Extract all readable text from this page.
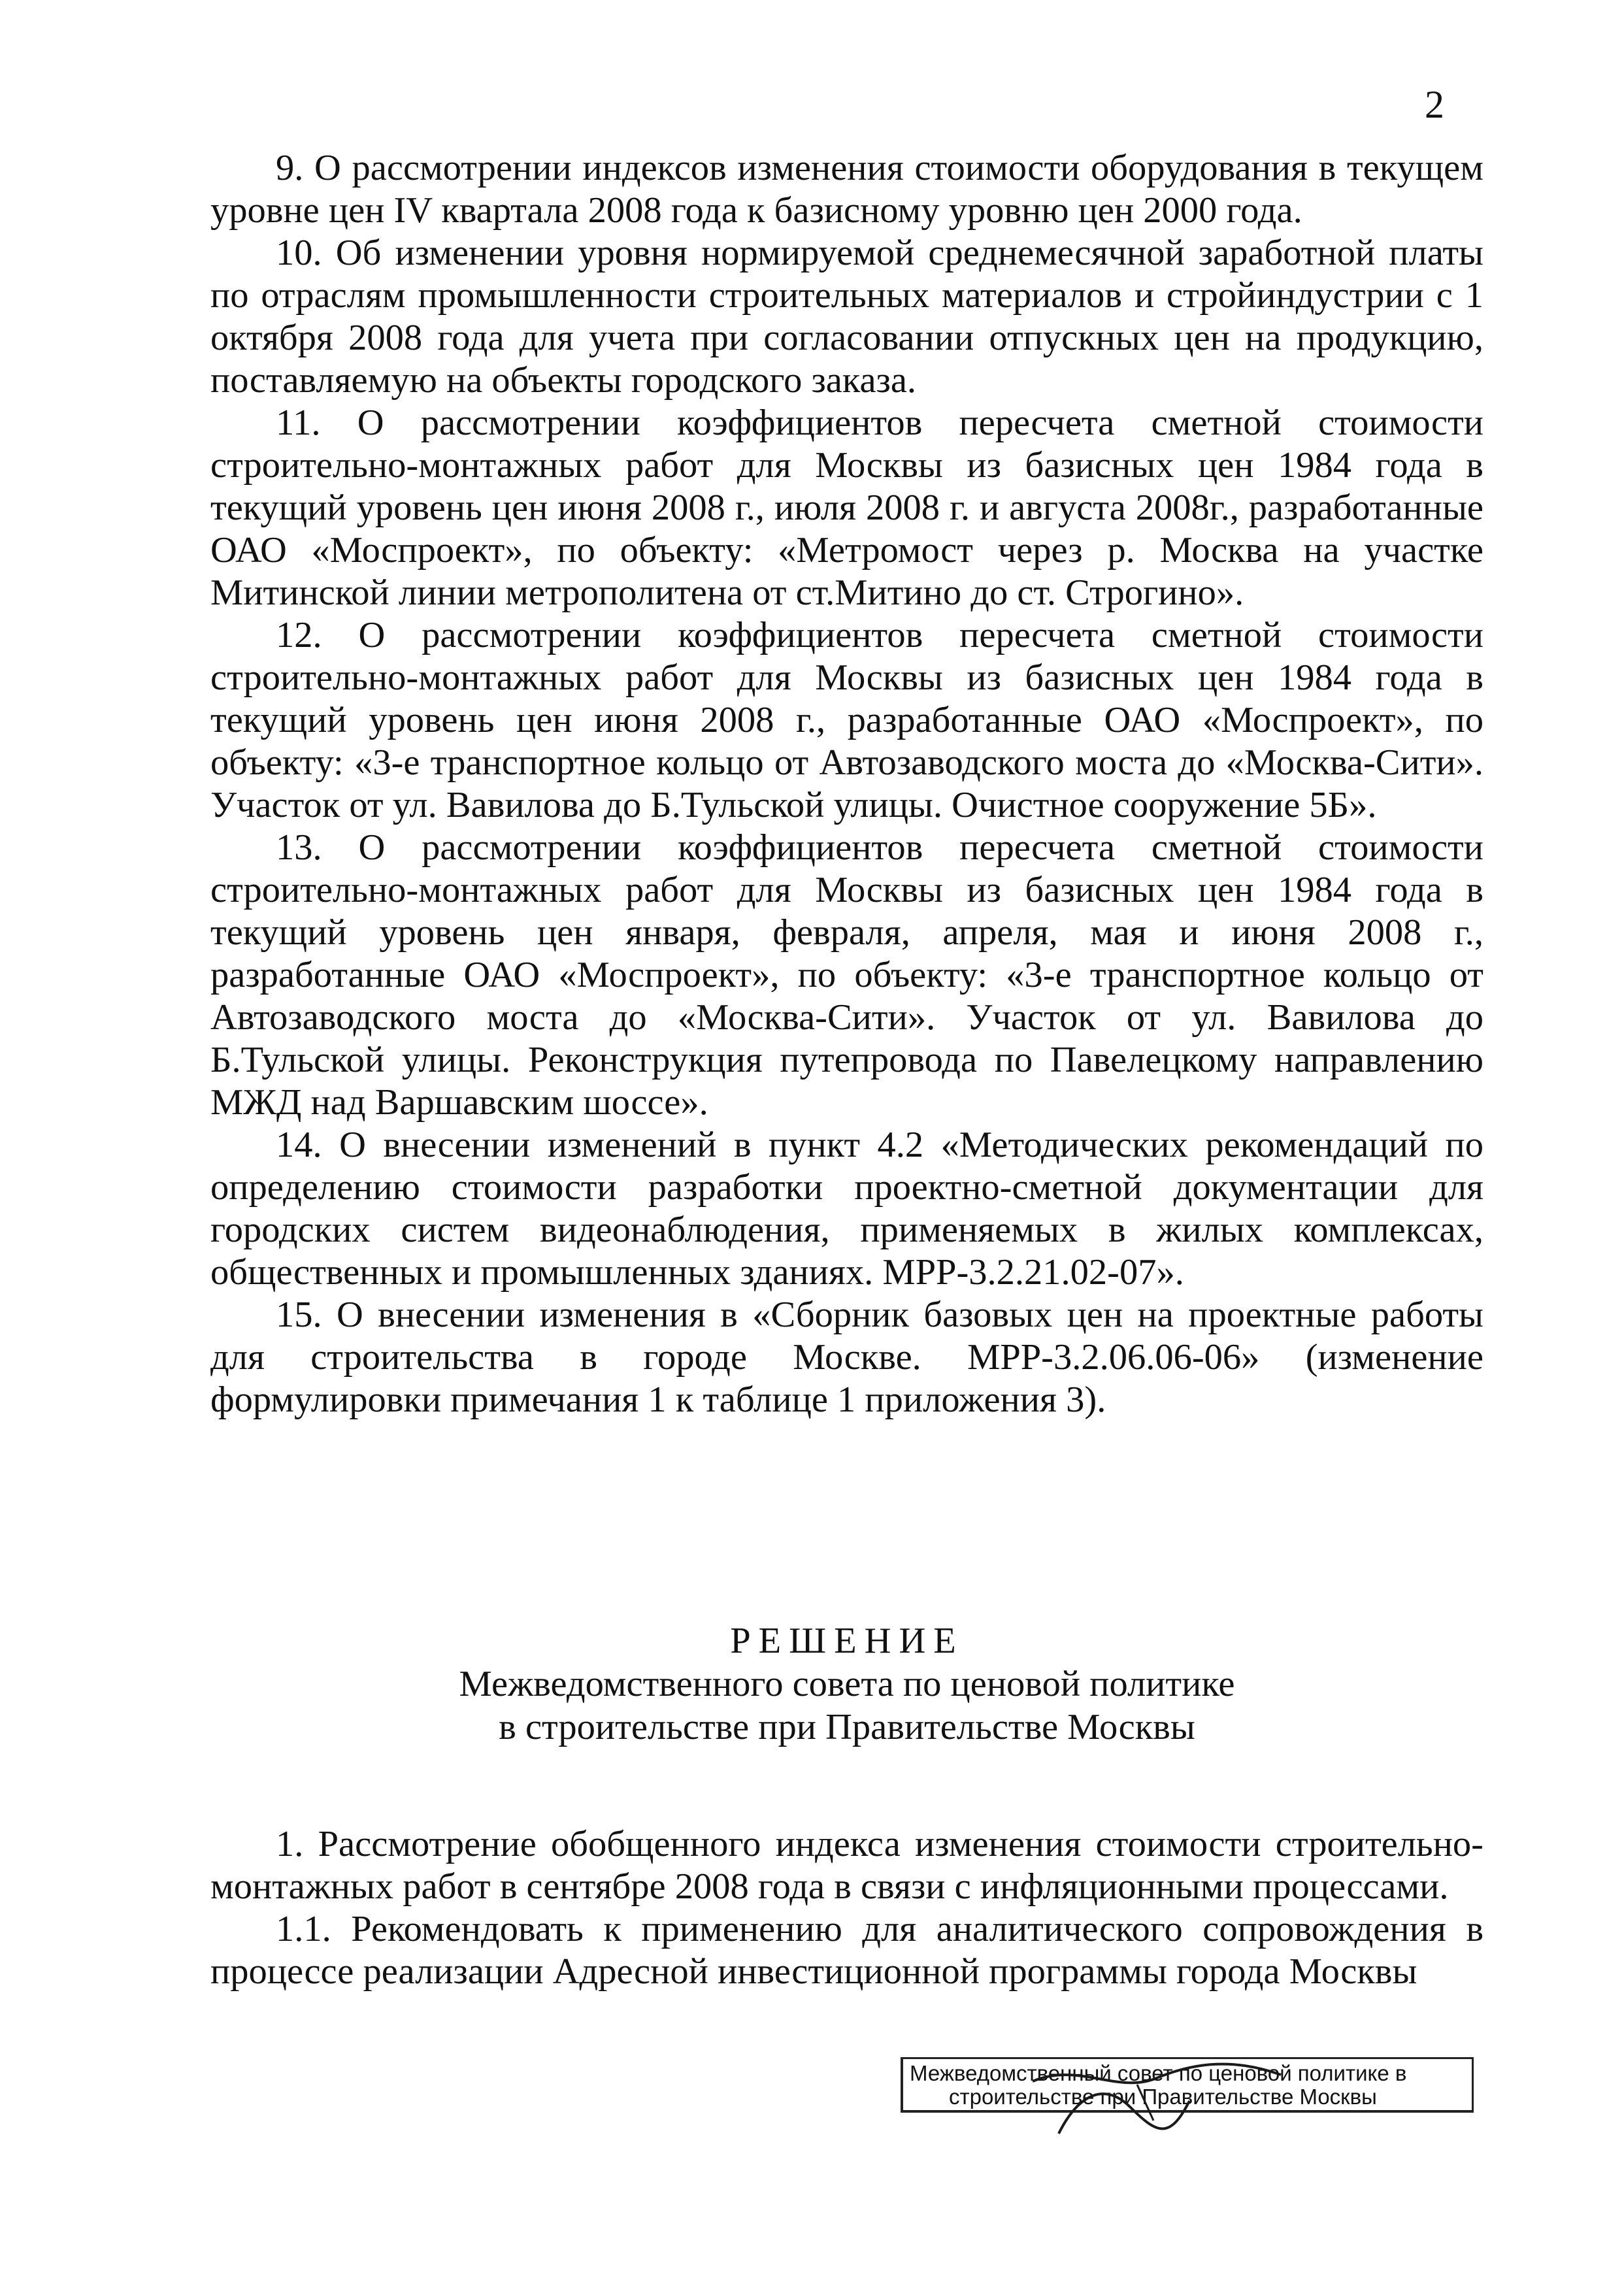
2

9. О рассмотрении индексов изменения стоимости оборудования в текущем уровне цен IV квартала 2008 года к базисному уровню цен 2000 года.

10. Об изменении уровня нормируемой среднемесячной заработной платы по отраслям промышленности строительных материалов и стройиндустрии с 1 октября 2008 года для учета при согласовании отпускных цен на продукцию, поставляемую на объекты городского заказа.

11. О рассмотрении коэффициентов пересчета сметной стоимости строительно-монтажных работ для Москвы из базисных цен 1984 года в текущий уровень цен июня 2008 г., июля 2008 г. и августа 2008г., разработанные ОАО «Моспроект», по объекту: «Метромост через р. Москва на участке Митинской линии метрополитена от ст.Митино до ст. Строгино».

12. О рассмотрении коэффициентов пересчета сметной стоимости строительно-монтажных работ для Москвы из базисных цен 1984 года в текущий уровень цен июня 2008 г., разработанные ОАО «Моспроект», по объекту: «3-е транспортное кольцо от Автозаводского моста до «Москва-Сити». Участок от ул. Вавилова до Б.Тульской улицы. Очистное сооружение 5Б».

13. О рассмотрении коэффициентов пересчета сметной стоимости строительно-монтажных работ для Москвы из базисных цен 1984 года в текущий уровень цен января, февраля, апреля, мая и июня 2008 г., разработанные ОАО «Моспроект», по объекту: «3-е транспортное кольцо от Автозаводского моста до «Москва-Сити». Участок от ул. Вавилова до Б.Тульской улицы. Реконструкция путепровода по Павелецкому направлению МЖД над Варшавским шоссе».

14. О внесении изменений в пункт 4.2 «Методических рекомендаций по определению стоимости разработки проектно-сметной документации для городских систем видеонаблюдения, применяемых в жилых комплексах, общественных и промышленных зданиях. МРР-3.2.21.02-07».

15. О внесении изменения в «Сборник базовых цен на проектные работы для строительства в городе Москве. МРР-3.2.06.06-06» (изменение формулировки примечания 1 к таблице 1 приложения 3).

РЕШЕНИЕ
Межведомственного совета по ценовой политике
в строительстве при Правительстве Москвы

1. Рассмотрение обобщенного индекса изменения стоимости строительно-монтажных работ в сентябре 2008 года в связи с инфляционными процессами.

1.1. Рекомендовать к применению для аналитического сопровождения в процессе реализации Адресной инвестиционной программы города Москвы

Межведомственный совет по ценовой политике в
строительстве при Правительстве Москвы
